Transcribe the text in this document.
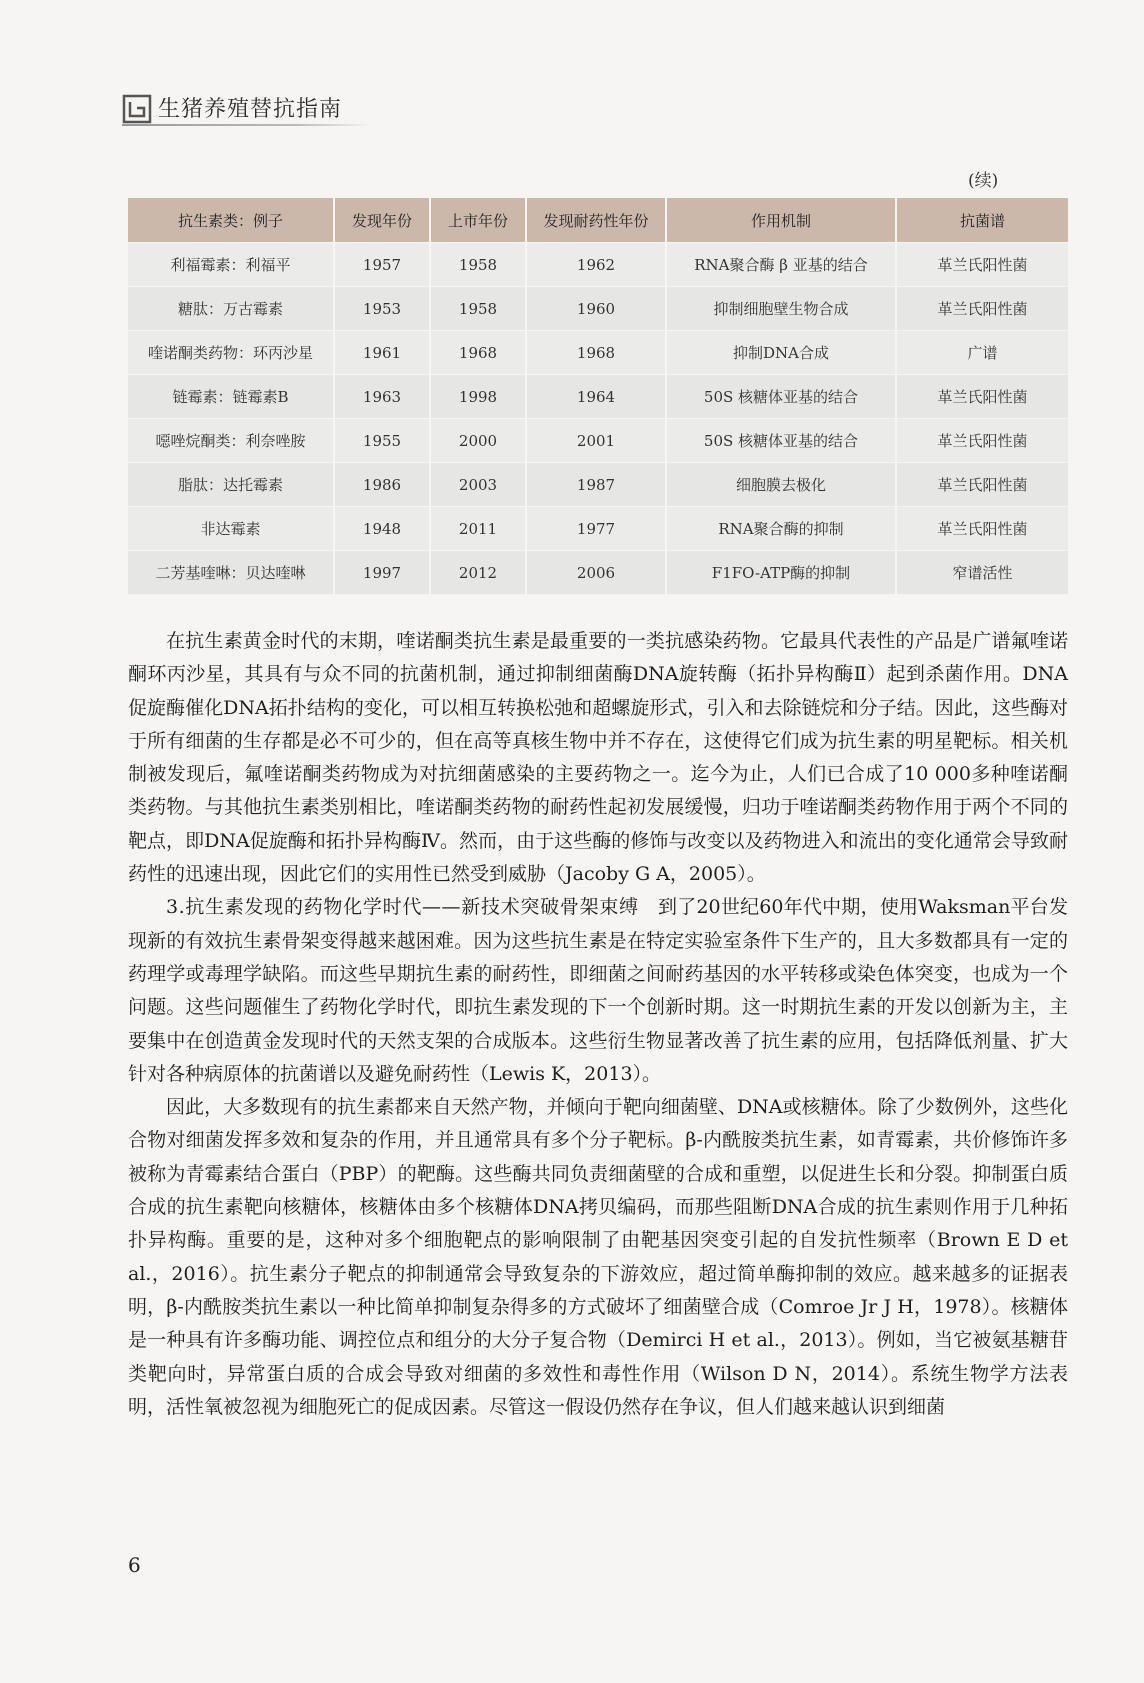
生猪养殖替抗指南
(续)
抗生素类：例子	发现年份	上市年份	发现耐药性年份	作用机制	抗菌谱
利福霉素：利福平	1957	1958	1962	RNA聚合酶 β 亚基的结合	革兰氏阳性菌
糖肽：万古霉素	1953	1958	1960	抑制细胞壁生物合成	革兰氏阳性菌
喹诺酮类药物：环丙沙星	1961	1968	1968	抑制DNA合成	广谱
链霉素：链霉素B	1963	1998	1964	50S 核糖体亚基的结合	革兰氏阳性菌
噁唑烷酮类：利奈唑胺	1955	2000	2001	50S 核糖体亚基的结合	革兰氏阳性菌
脂肽：达托霉素	1986	2003	1987	细胞膜去极化	革兰氏阳性菌
非达霉素	1948	2011	1977	RNA聚合酶的抑制	革兰氏阳性菌
二芳基喹啉：贝达喹啉	1997	2012	2006	F1FO-ATP酶的抑制	窄谱活性

在抗生素黄金时代的末期，喹诺酮类抗生素是最重要的一类抗感染药物。它最具代表性的产品是广谱氟喹诺酮环丙沙星，其具有与众不同的抗菌机制，通过抑制细菌酶DNA旋转酶（拓扑异构酶Ⅱ）起到杀菌作用。DNA促旋酶催化DNA拓扑结构的变化，可以相互转换松弛和超螺旋形式，引入和去除链烷和分子结。因此，这些酶对于所有细菌的生存都是必不可少的，但在高等真核生物中并不存在，这使得它们成为抗生素的明星靶标。相关机制被发现后，氟喹诺酮类药物成为对抗细菌感染的主要药物之一。迄今为止，人们已合成了10 000多种喹诺酮类药物。与其他抗生素类别相比，喹诺酮类药物的耐药性起初发展缓慢，归功于喹诺酮类药物作用于两个不同的靶点，即DNA促旋酶和拓扑异构酶Ⅳ。然而，由于这些酶的修饰与改变以及药物进入和流出的变化通常会导致耐药性的迅速出现，因此它们的实用性已然受到威胁（Jacoby G A，2005）。

3.抗生素发现的药物化学时代——新技术突破骨架束缚　到了20世纪60年代中期，使用Waksman平台发现新的有效抗生素骨架变得越来越困难。因为这些抗生素是在特定实验室条件下生产的，且大多数都具有一定的药理学或毒理学缺陷。而这些早期抗生素的耐药性，即细菌之间耐药基因的水平转移或染色体突变，也成为一个问题。这些问题催生了药物化学时代，即抗生素发现的下一个创新时期。这一时期抗生素的开发以创新为主，主要集中在创造黄金发现时代的天然支架的合成版本。这些衍生物显著改善了抗生素的应用，包括降低剂量、扩大针对各种病原体的抗菌谱以及避免耐药性（Lewis K，2013）。

因此，大多数现有的抗生素都来自天然产物，并倾向于靶向细菌壁、DNA或核糖体。除了少数例外，这些化合物对细菌发挥多效和复杂的作用，并且通常具有多个分子靶标。β-内酰胺类抗生素，如青霉素，共价修饰许多被称为青霉素结合蛋白（PBP）的靶酶。这些酶共同负责细菌壁的合成和重塑，以促进生长和分裂。抑制蛋白质合成的抗生素靶向核糖体，核糖体由多个核糖体DNA拷贝编码，而那些阻断DNA合成的抗生素则作用于几种拓扑异构酶。重要的是，这种对多个细胞靶点的影响限制了由靶基因突变引起的自发抗性频率（Brown E D et al.，2016）。抗生素分子靶点的抑制通常会导致复杂的下游效应，超过简单酶抑制的效应。越来越多的证据表明，β-内酰胺类抗生素以一种比简单抑制复杂得多的方式破坏了细菌壁合成（Comroe Jr J H，1978）。核糖体是一种具有许多酶功能、调控位点和组分的大分子复合物（Demirci H et al.，2013）。例如，当它被氨基糖苷类靶向时，异常蛋白质的合成会导致对细菌的多效性和毒性作用（Wilson D N，2014）。系统生物学方法表明，活性氧被忽视为细胞死亡的促成因素。尽管这一假设仍然存在争议，但人们越来越认识到细菌

6
